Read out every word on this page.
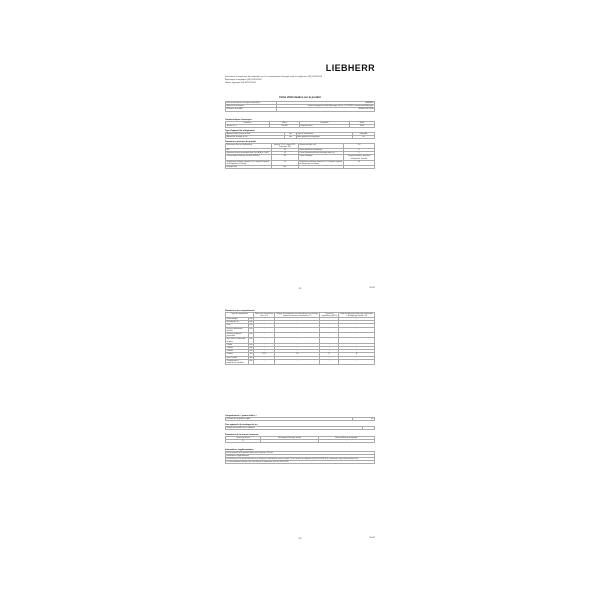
LIEBHERR
Déclaration européenne de conformité sur la consommation d'énergie selon le règlement (UE) 2019/2016
Étiquetage énergétique (UE) 2019/2016
Norme appliquée EN 62552:2020
Fiche d'information sur le produit
Nom du fournisseur ou marque commerciale	LIEBHERR
Adresse du fournisseur	Liebherr-Hausgeräte GmbH Memminger Straße 77-79 88416 Ochsenhausen Allemagne
Référence du modèle	IRFbdi4 5180 PEPA
Caractéristiques électriques
Paramètre	Valeur	Paramètre	Valeur
Tension (V ~)	220-240	Fréquence (Hz)	50-60
Type d'appareil de réfrigération
Appareil à faible niveau de bruit	non	Type de construction	intégrable
Appareil de stockage du vin	non	Autre appareil de réfrigération	oui
Paramètres généraux du produit
Dimensions hors tout (millimètres)	Hauteur 1770 / Largeur 559 / Profondeur 546	Volume total (dm³ ou l)	212
IEE	96	Classe d'efficacité énergétique	E
Émissions de bruit acoustique dans l'air (dB(A) re 1 pW)	35	Classe d'émission de bruit acoustique dans l'air	C
Consommation d'énergie annuelle (kWh/an)	230	Classe climatique	Tempérée étendue, tempérée, subtropicale, tropicale
Température ambiante minimale (°C) à laquelle l'appareil de réfrigération est adapté	10	Température ambiante maximale (°C) à laquelle l'appareil de réfrigération est adapté	43
Réglage hiver	non		
1/3	09.2022
Paramètres des compartiments
Type de compartiment		Volume du compartiment (dm³ ou l)	Réglage de température recommandé pour un stockage optimal des denrées alimentaires (°C)	Pouvoir de congélation (kg/24 h)	Mode de dégivrage (dégivrage automatique = A, dégivrage manuel = M)
Garde-manger	non	-	-	-	-
Stockage du vin	non	-	-	-	-
Cave	non	-	-	-	-
Denrées alimentaires fraîches	non	-	-	-	-
Denrées hautement périssables	non	-	-	-	-
Sans étoile ou fabrication de glace	non	-	-	-	-
1 étoile	non	-	-	-	-
2 étoiles	non	-	-	-	-
3 étoiles	non	-	-	-	-
4 étoiles	oui	212.3	-18	17	A
Zone 2 étoiles	non	-	-	-	-
Compartiment à températures variables	non	-	-	-	-
Compartiments « quatre étoiles »
Dispositif de congélation rapide	oui
Pour appareils de stockage du vin
Nombre de bouteilles de vin standard	-
Paramètres de la source lumineuse
Source lumineuse	Technologie d'éclairage utilisée	Classe d'efficacité énergétique
1)		-
Informations supplémentaires
Durée minimale de la garantie offerte par le fabricant: 24 mois
Informations supplémentaires:
Lien Internet vers le site du fabricant où se trouvent les informations visées au point 4 a) de l'annexe du règlement (UE) 2019/2023 de la Commission: https://home.liebherr.com
La consommation d'énergie a été contrôlée par le laboratoire selon EN 62552:2020
2/3	09.2022
